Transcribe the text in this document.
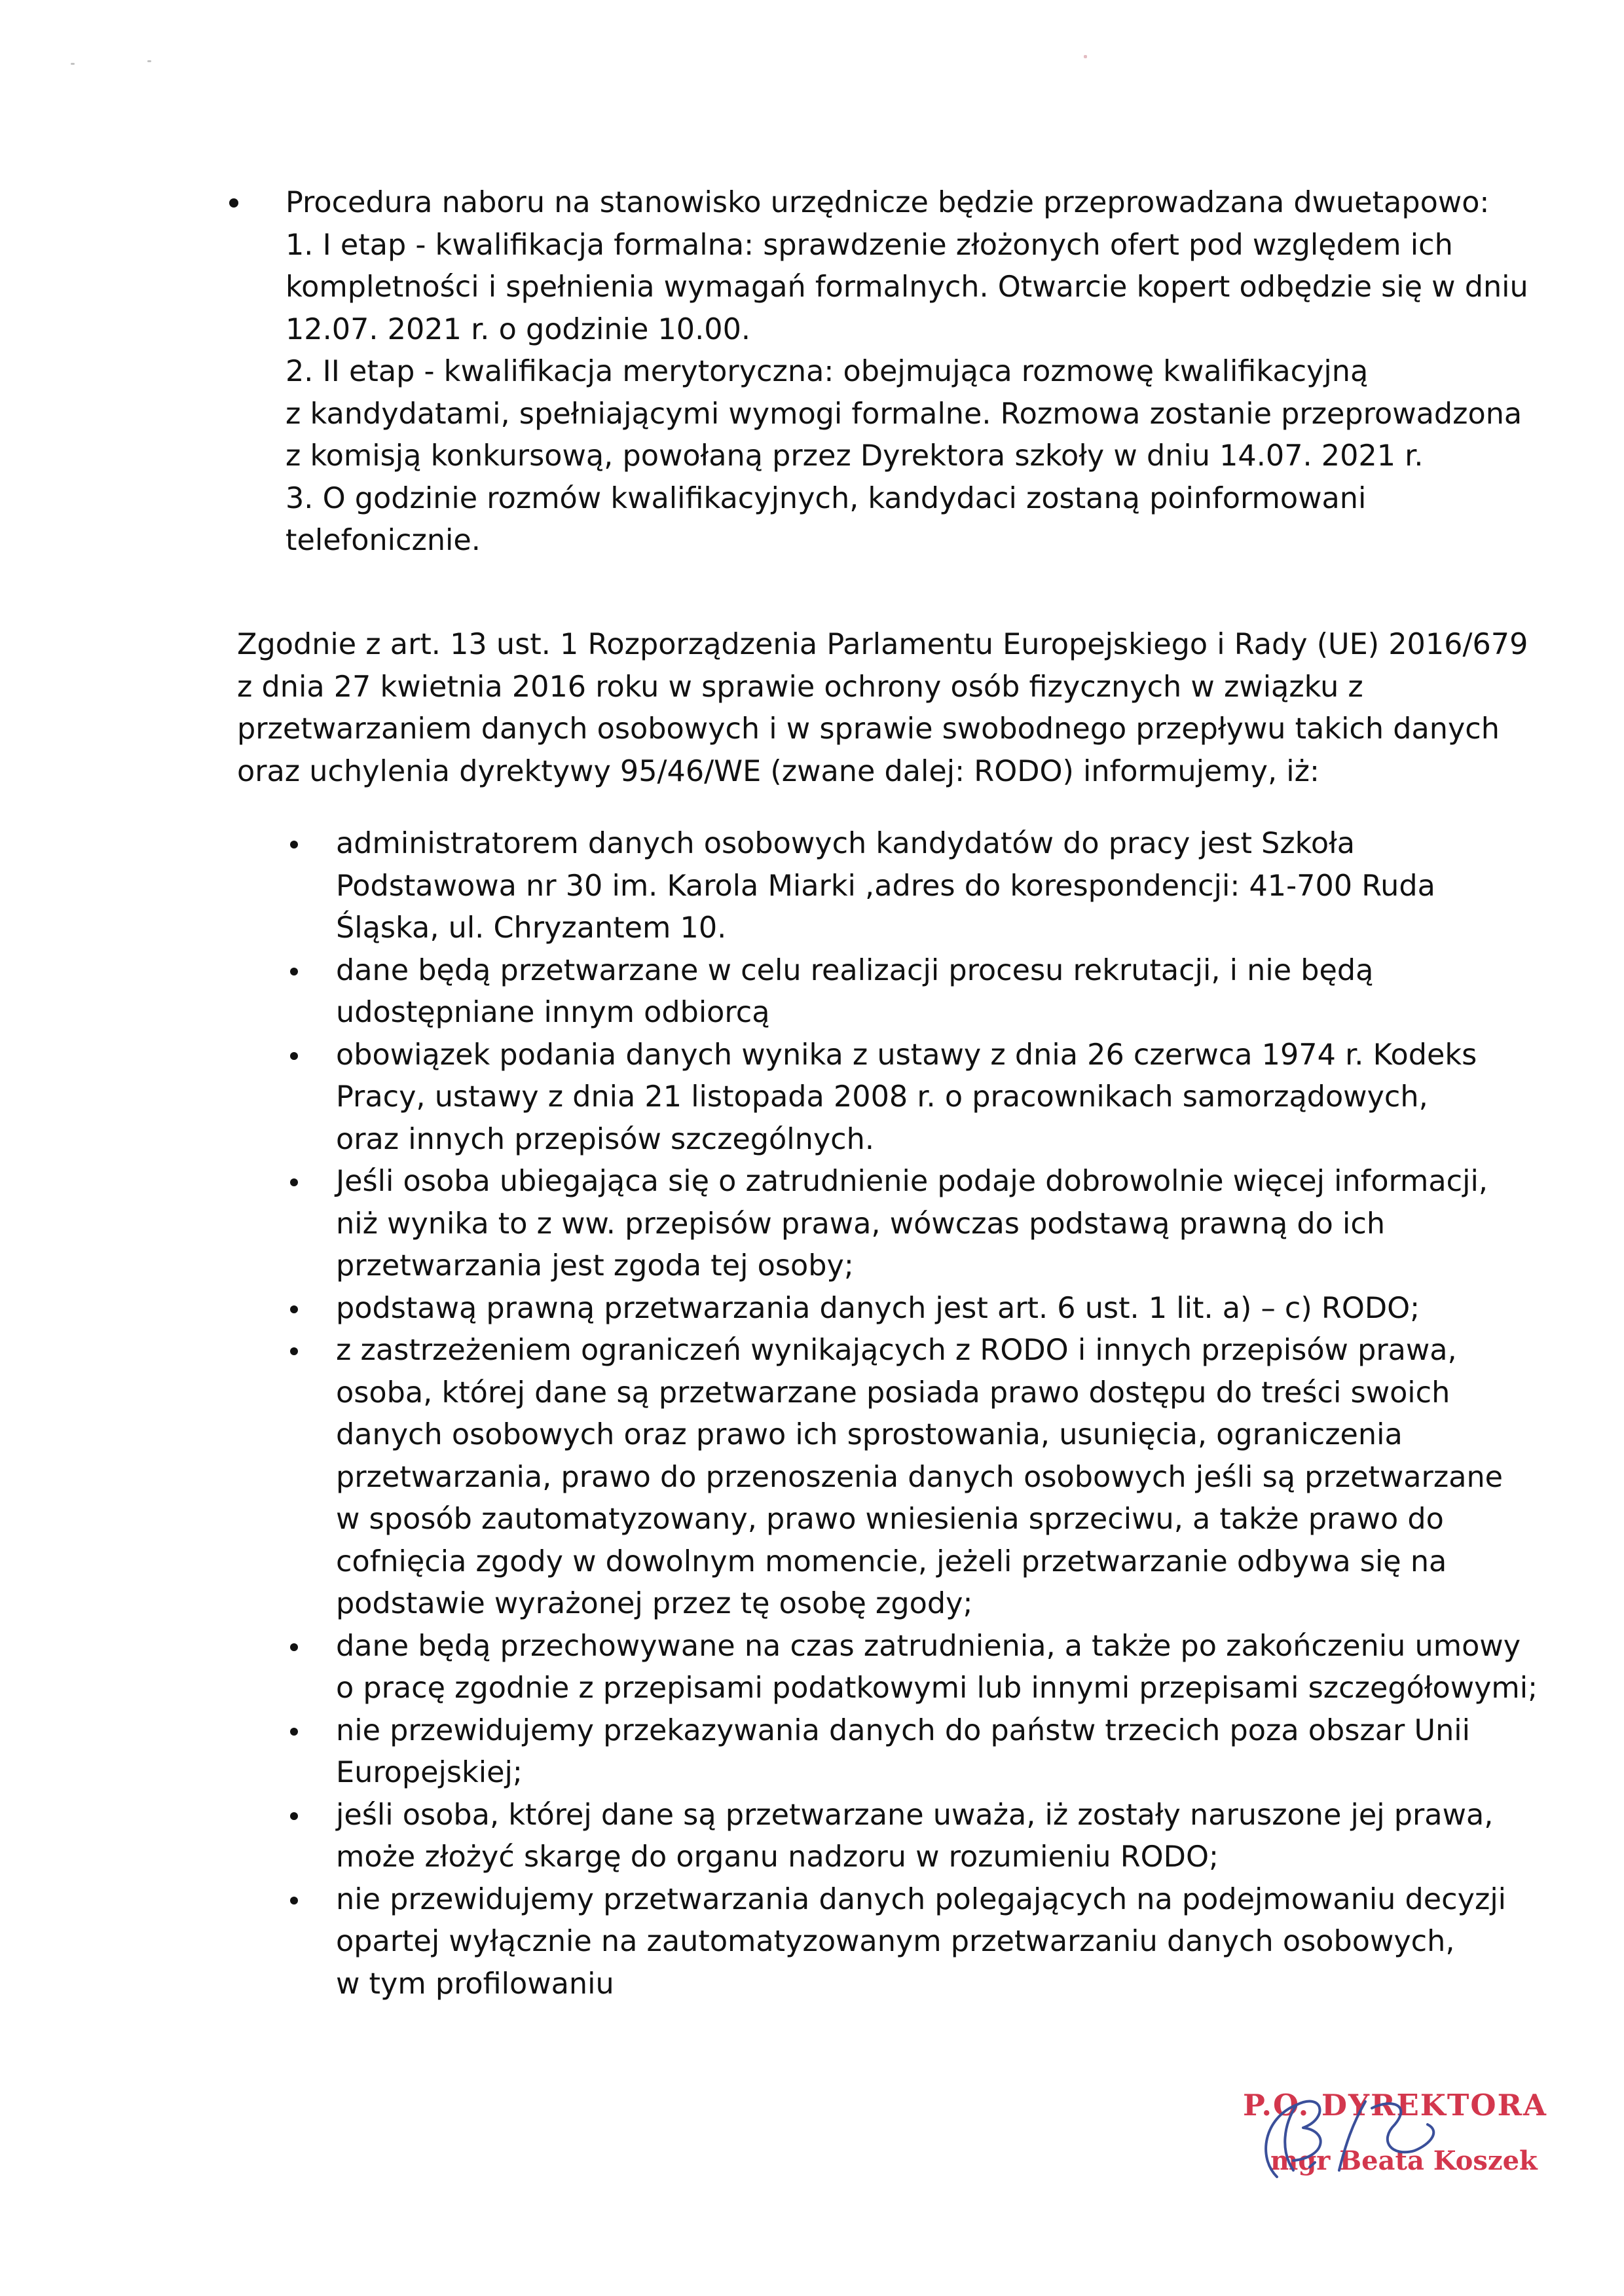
Procedura naboru na stanowisko urzędnicze będzie przeprowadzana dwuetapowo:
1. I etap - kwalifikacja formalna: sprawdzenie złożonych ofert pod względem ich
kompletności i spełnienia wymagań formalnych. Otwarcie kopert odbędzie się w dniu
12.07. 2021 r. o godzinie 10.00.
2. II etap - kwalifikacja merytoryczna: obejmująca rozmowę kwalifikacyjną
z kandydatami, spełniającymi wymogi formalne. Rozmowa zostanie przeprowadzona
z komisją konkursową, powołaną przez Dyrektora szkoły w dniu 14.07. 2021 r.
3. O godzinie rozmów kwalifikacyjnych, kandydaci zostaną poinformowani
telefonicznie.
Zgodnie z art. 13 ust. 1 Rozporządzenia Parlamentu Europejskiego i Rady (UE) 2016/679
z dnia 27 kwietnia 2016 roku w sprawie ochrony osób fizycznych w związku z
przetwarzaniem danych osobowych i w sprawie swobodnego przepływu takich danych
oraz uchylenia dyrektywy 95/46/WE (zwane dalej: RODO) informujemy, iż:
administratorem danych osobowych kandydatów do pracy jest Szkoła
Podstawowa nr 30 im. Karola Miarki ,adres do korespondencji: 41-700 Ruda
Śląska, ul. Chryzantem 10.
dane będą przetwarzane w celu realizacji procesu rekrutacji, i nie będą
udostępniane innym odbiorcą
obowiązek podania danych wynika z ustawy z dnia 26 czerwca 1974 r. Kodeks
Pracy, ustawy z dnia 21 listopada 2008 r. o pracownikach samorządowych,
oraz innych przepisów szczególnych.
Jeśli osoba ubiegająca się o zatrudnienie podaje dobrowolnie więcej informacji,
niż wynika to z ww. przepisów prawa, wówczas podstawą prawną do ich
przetwarzania jest zgoda tej osoby;
podstawą prawną przetwarzania danych jest art. 6 ust. 1 lit. a) – c) RODO;
z zastrzeżeniem ograniczeń wynikających z RODO i innych przepisów prawa,
osoba, której dane są przetwarzane posiada prawo dostępu do treści swoich
danych osobowych oraz prawo ich sprostowania, usunięcia, ograniczenia
przetwarzania, prawo do przenoszenia danych osobowych jeśli są przetwarzane
w sposób zautomatyzowany, prawo wniesienia sprzeciwu, a także prawo do
cofnięcia zgody w dowolnym momencie, jeżeli przetwarzanie odbywa się na
podstawie wyrażonej przez tę osobę zgody;
dane będą przechowywane na czas zatrudnienia, a także po zakończeniu umowy
o pracę zgodnie z przepisami podatkowymi lub innymi przepisami szczegółowymi;
nie przewidujemy przekazywania danych do państw trzecich poza obszar Unii
Europejskiej;
jeśli osoba, której dane są przetwarzane uważa, iż zostały naruszone jej prawa,
może złożyć skargę do organu nadzoru w rozumieniu RODO;
nie przewidujemy przetwarzania danych polegających na podejmowaniu decyzji
opartej wyłącznie na zautomatyzowanym przetwarzaniu danych osobowych,
w tym profilowaniu
P.O. DYREKTORA
mgr Beata Koszek
